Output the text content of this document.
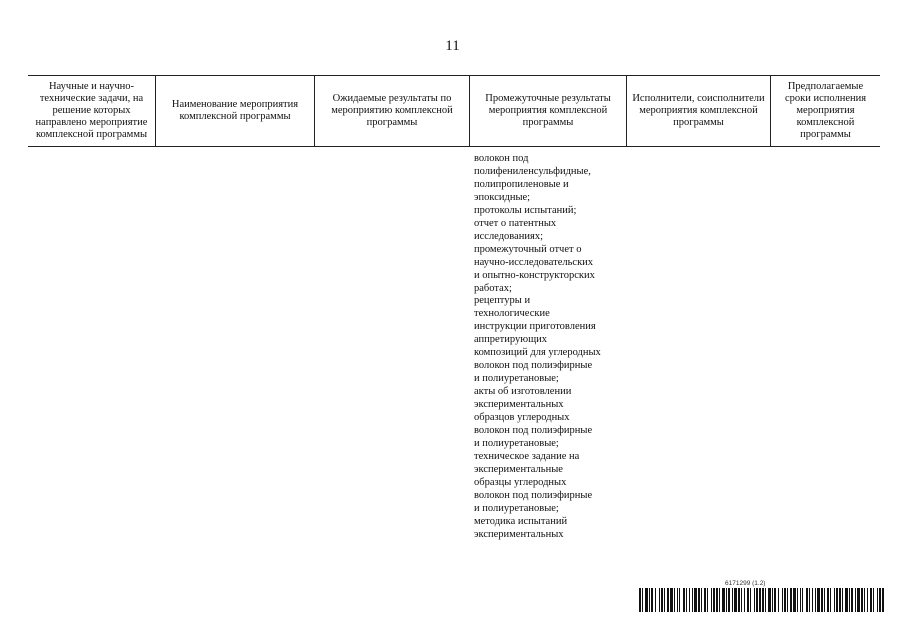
11
Научные и научно-технические задачи, на решение которых направлено мероприятие комплексной программы
Наименование мероприятия комплексной программы
Ожидаемые результаты по мероприятию комплексной программы
Промежуточные результаты мероприятия комплексной программы
Исполнители, соисполнители мероприятия комплексной программы
Предполагаемые сроки исполнения мероприятия комплексной программы
волокон под
полифениленсульфидные,
полипропиленовые и
эпоксидные;
протоколы испытаний;
отчет о патентных
исследованиях;
промежуточный отчет о
научно-исследовательских
и опытно-конструкторских
работах;
рецептуры и
технологические
инструкции приготовления
аппретирующих
композиций для углеродных
волокон под полиэфирные
и полиуретановые;
акты об изготовлении
экспериментальных
образцов углеродных
волокон под полиэфирные
и полиуретановые;
техническое задание на
экспериментальные
образцы углеродных
волокон под полиэфирные
и полиуретановые;
методика испытаний
экспериментальных
6171299 (1.2)
